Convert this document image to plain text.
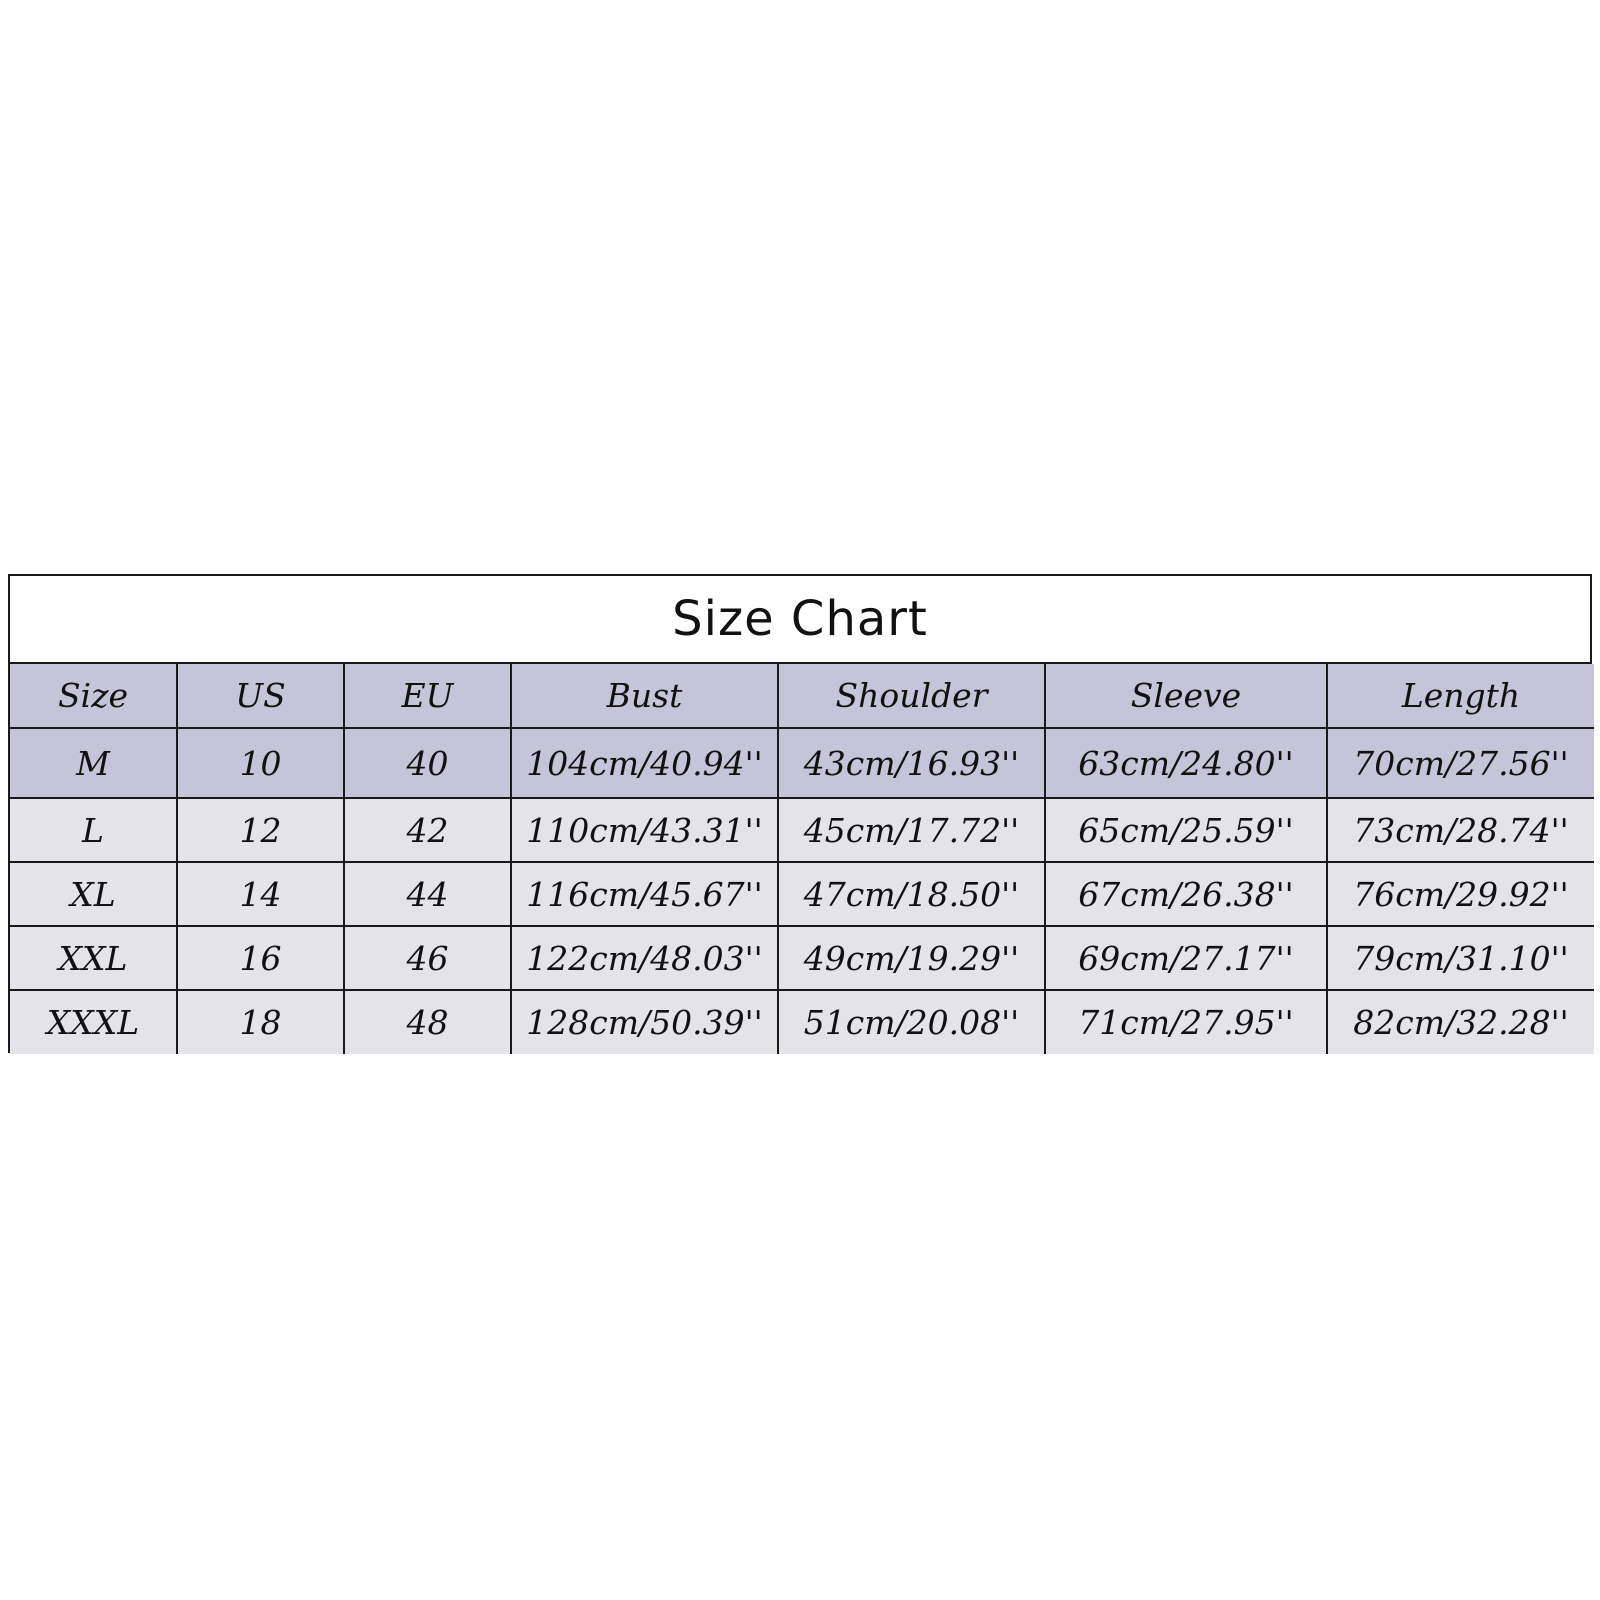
Size Chart
Size	US	EU	Bust	Shoulder	Sleeve	Length
M	10	40	104cm/40.94''	43cm/16.93''	63cm/24.80''	70cm/27.56''
L	12	42	110cm/43.31''	45cm/17.72''	65cm/25.59''	73cm/28.74''
XL	14	44	116cm/45.67''	47cm/18.50''	67cm/26.38''	76cm/29.92''
XXL	16	46	122cm/48.03''	49cm/19.29''	69cm/27.17''	79cm/31.10''
XXXL	18	48	128cm/50.39''	51cm/20.08''	71cm/27.95''	82cm/32.28''
